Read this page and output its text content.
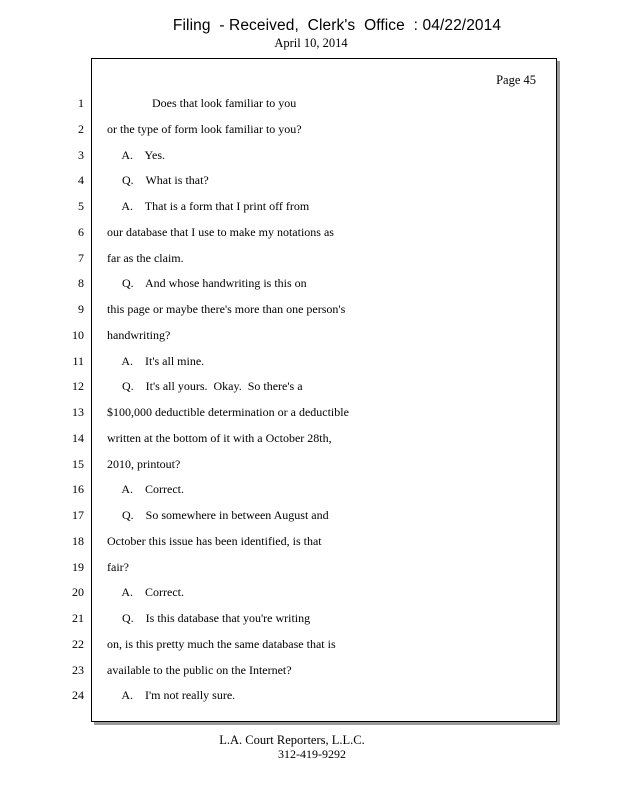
Filing  - Received,  Clerk's  Office  : 04/22/2014
April 10, 2014
Page 45
1
2
3
4
5
6
7
8
9
10
11
12
13
14
15
16
17
18
19
20
21
22
23
24
Does that look familiar to you
or the type of form look familiar to you?
A.    Yes.
Q.    What is that?
A.    That is a form that I print off from
our database that I use to make my notations as
far as the claim.
Q.    And whose handwriting is this on
this page or maybe there's more than one person's
handwriting?
A.    It's all mine.
Q.    It's all yours.  Okay.  So there's a
$100,000 deductible determination or a deductible
written at the bottom of it with a October 28th,
2010, printout?
A.    Correct.
Q.    So somewhere in between August and
October this issue has been identified, is that
fair?
A.    Correct.
Q.    Is this database that you're writing
on, is this pretty much the same database that is
available to the public on the Internet?
A.    I'm not really sure.
L.A. Court Reporters, L.L.C.
312-419-9292
